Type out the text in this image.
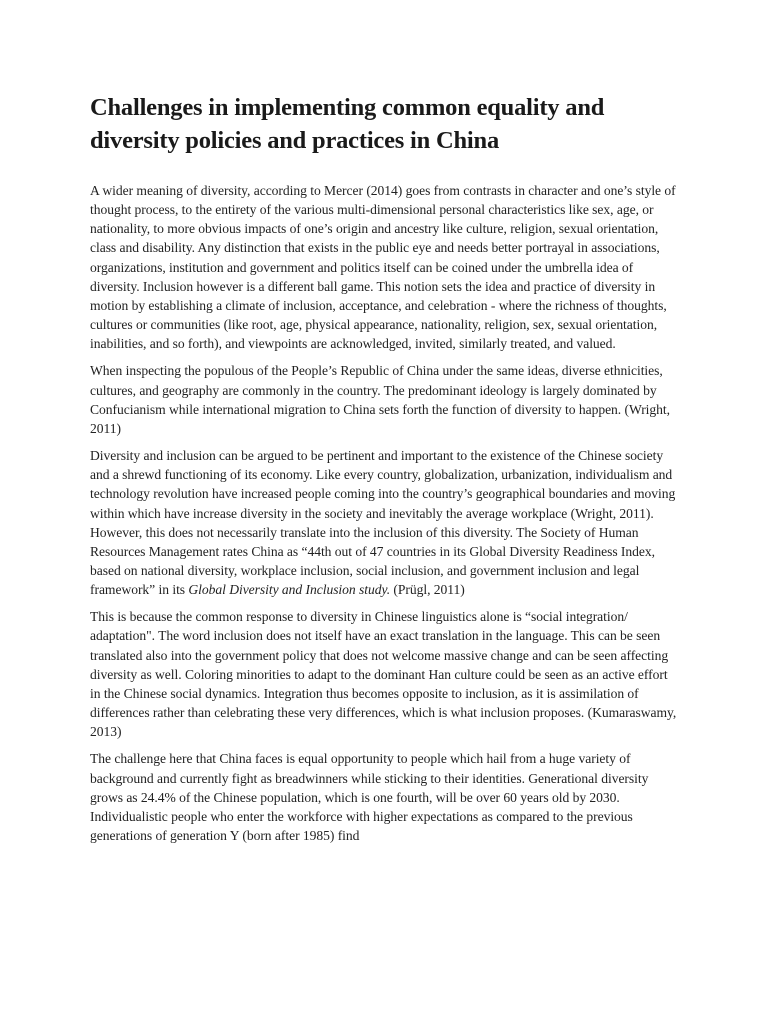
Challenges in implementing common equality and diversity policies and practices in China

A wider meaning of diversity, according to Mercer (2014) goes from contrasts in character and one’s style of thought process, to the entirety of the various multi-dimensional personal characteristics like sex, age, or nationality, to more obvious impacts of one’s origin and ancestry like culture, religion, sexual orientation, class and disability. Any distinction that exists in the public eye and needs better portrayal in associations, organizations, institution and government and politics itself can be coined under the umbrella idea of diversity. Inclusion however is a different ball game. This notion sets the idea and practice of diversity in motion by establishing a climate of inclusion, acceptance, and celebration - where the richness of thoughts, cultures or communities (like root, age, physical appearance, nationality, religion, sex, sexual orientation, inabilities, and so forth), and viewpoints are acknowledged, invited, similarly treated, and valued.

When inspecting the populous of the People’s Republic of China under the same ideas, diverse ethnicities, cultures, and geography are commonly in the country. The predominant ideology is largely dominated by Confucianism while international migration to China sets forth the function of diversity to happen. (Wright, 2011)

Diversity and inclusion can be argued to be pertinent and important to the existence of the Chinese society and a shrewd functioning of its economy. Like every country, globalization, urbanization, individualism and technology revolution have increased people coming into the country’s geographical boundaries and moving within which have increase diversity in the society and inevitably the average workplace (Wright, 2011). However, this does not necessarily translate into the inclusion of this diversity. The Society of Human Resources Management rates China as “44th out of 47 countries in its Global Diversity Readiness Index, based on national diversity, workplace inclusion, social inclusion, and government inclusion and legal framework” in its Global Diversity and Inclusion study. (Prügl, 2011)

This is because the common response to diversity in Chinese linguistics alone is “social integration/ adaptation". The word inclusion does not itself have an exact translation in the language. This can be seen translated also into the government policy that does not welcome massive change and can be seen affecting diversity as well. Coloring minorities to adapt to the dominant Han culture could be seen as an active effort in the Chinese social dynamics. Integration thus becomes opposite to inclusion, as it is assimilation of differences rather than celebrating these very differences, which is what inclusion proposes. (Kumaraswamy, 2013)

The challenge here that China faces is equal opportunity to people which hail from a huge variety of background and currently fight as breadwinners while sticking to their identities. Generational diversity grows as 24.4% of the Chinese population, which is one fourth, will be over 60 years old by 2030. Individualistic people who enter the workforce with higher expectations as compared to the previous generations of generation Y (born after 1985) find
